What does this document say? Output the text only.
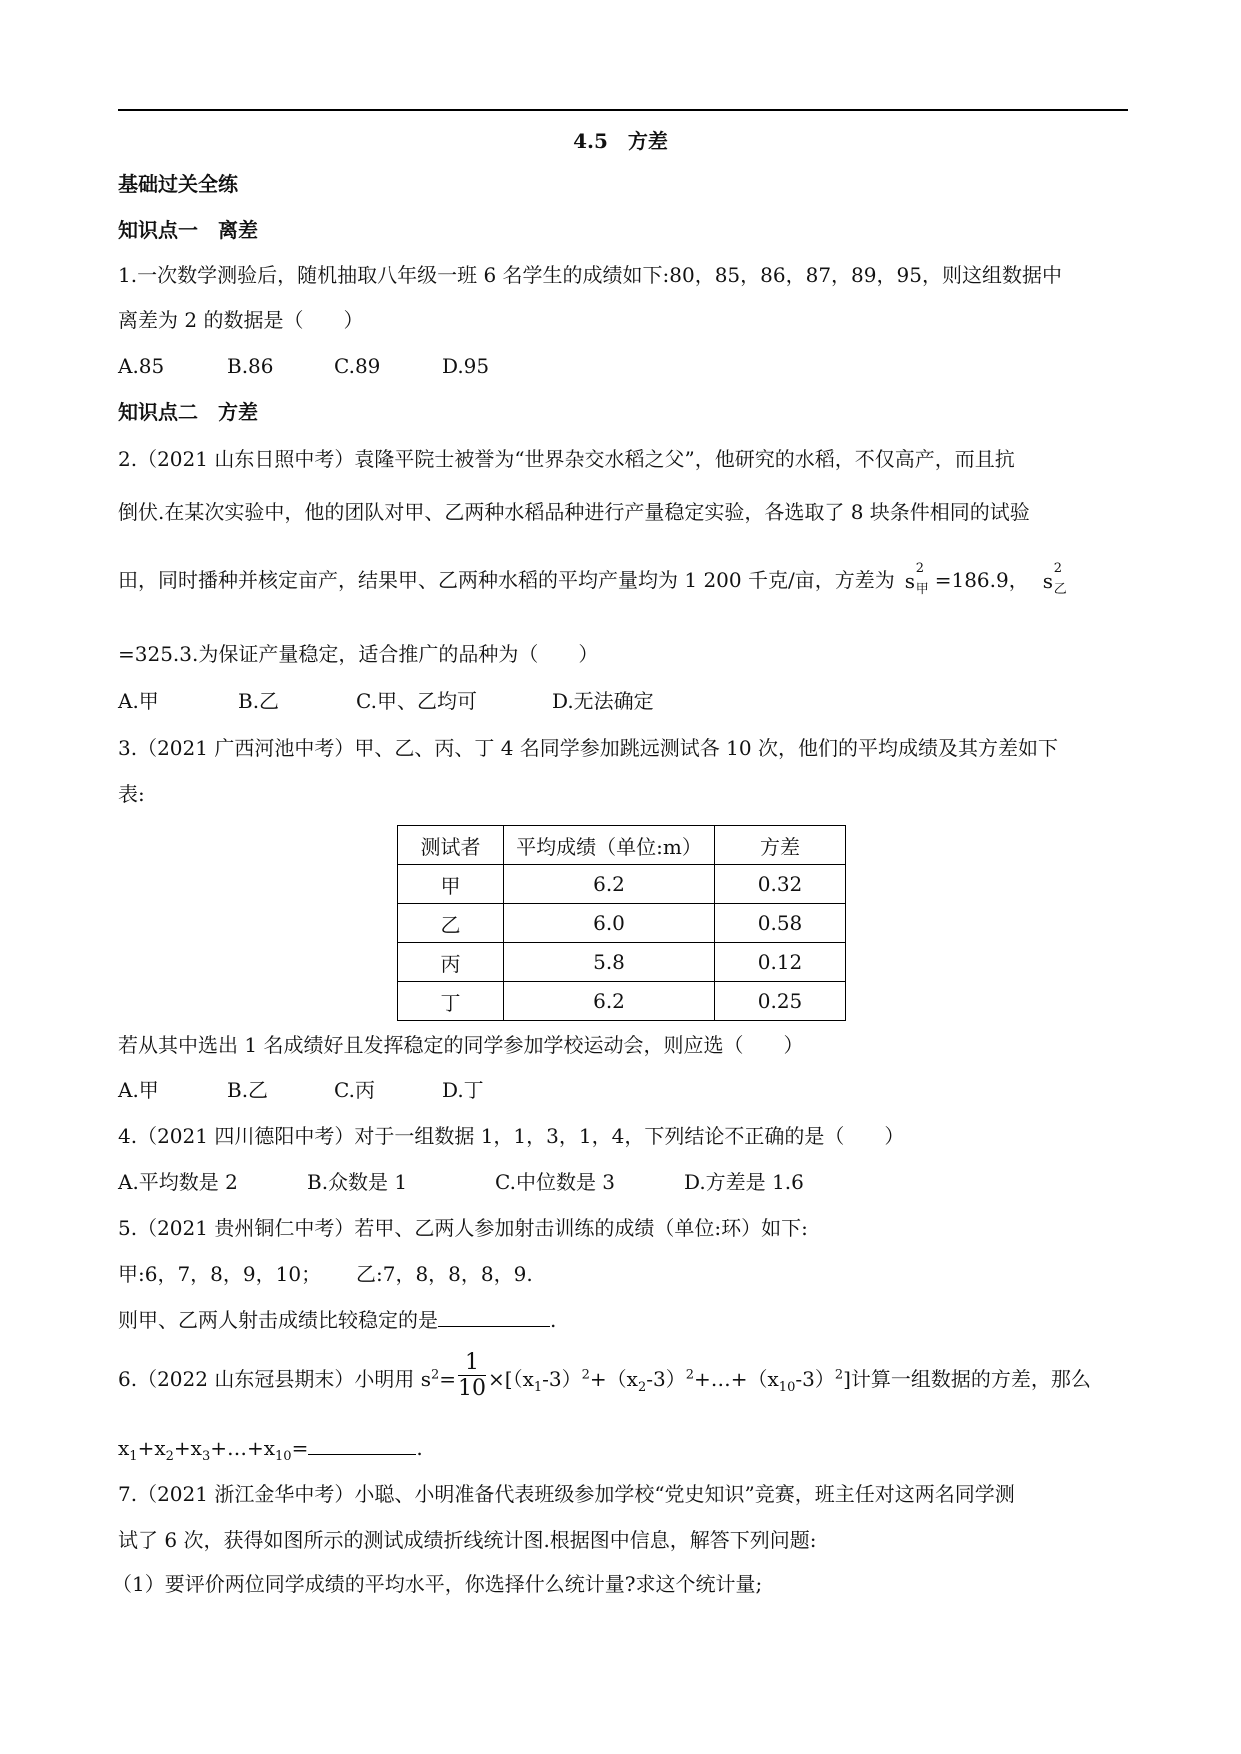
4.5　方差
基础过关全练
知识点一　离差
1.一次数学测验后，随机抽取八年级一班 6 名学生的成绩如下:80，85，86，87，89，95，则这组数据中
离差为 2 的数据是（　　）
A.85	B.86	C.89	D.95
知识点二　方差
2.（2021 山东日照中考）袁隆平院士被誉为“世界杂交水稻之父”，他研究的水稻，不仅高产，而且抗
倒伏.在某次实验中，他的团队对甲、乙两种水稻品种进行产量稳定实验，各选取了 8 块条件相同的试验
田，同时播种并核定亩产，结果甲、乙两种水稻的平均产量均为 1 200 千克/亩，方差为 s
2
甲 =186.9， s
2
乙
=325.3.为保证产量稳定，适合推广的品种为（　　）
A.甲	B.乙	C.甲、乙均可	D.无法确定
3.（2021 广西河池中考）甲、乙、丙、丁 4 名同学参加跳远测试各 10 次，他们的平均成绩及其方差如下
表:
测试者	平均成绩（单位:m）	方差
甲	6.2	0.32
乙	6.0	0.58
丙	5.8	0.12
丁	6.2	0.25
若从其中选出 1 名成绩好且发挥稳定的同学参加学校运动会，则应选（　　）
A.甲	B.乙	C.丙	D.丁
4.（2021 四川德阳中考）对于一组数据 1，1，3，1，4，下列结论不正确的是（　　）
A.平均数是 2	B.众数是 1	C.中位数是 3	D.方差是 1.6
5.（2021 贵州铜仁中考）若甲、乙两人参加射击训练的成绩（单位:环）如下:
甲:6，7，8，9，10； 乙:7，8，8，8，9.
则甲、乙两人射击成绩比较稳定的是	.
6.（2022 山东冠县期末）小明用 $s^2= \frac{1}{10}$ $\times[(x_1-3)^2+(x_2-3)^2+\dots+(x_{10}-3)^2]$计算一组数据的方差，那么
$x_1+x_2+x_3+\dots+x_{10}=$	.
7.（2021 浙江金华中考）小聪、小明准备代表班级参加学校“党史知识”竞赛，班主任对这两名同学测
试了 6 次，获得如图所示的测试成绩折线统计图.根据图中信息，解答下列问题:
（1）要评价两位同学成绩的平均水平，你选择什么统计量?求这个统计量;
